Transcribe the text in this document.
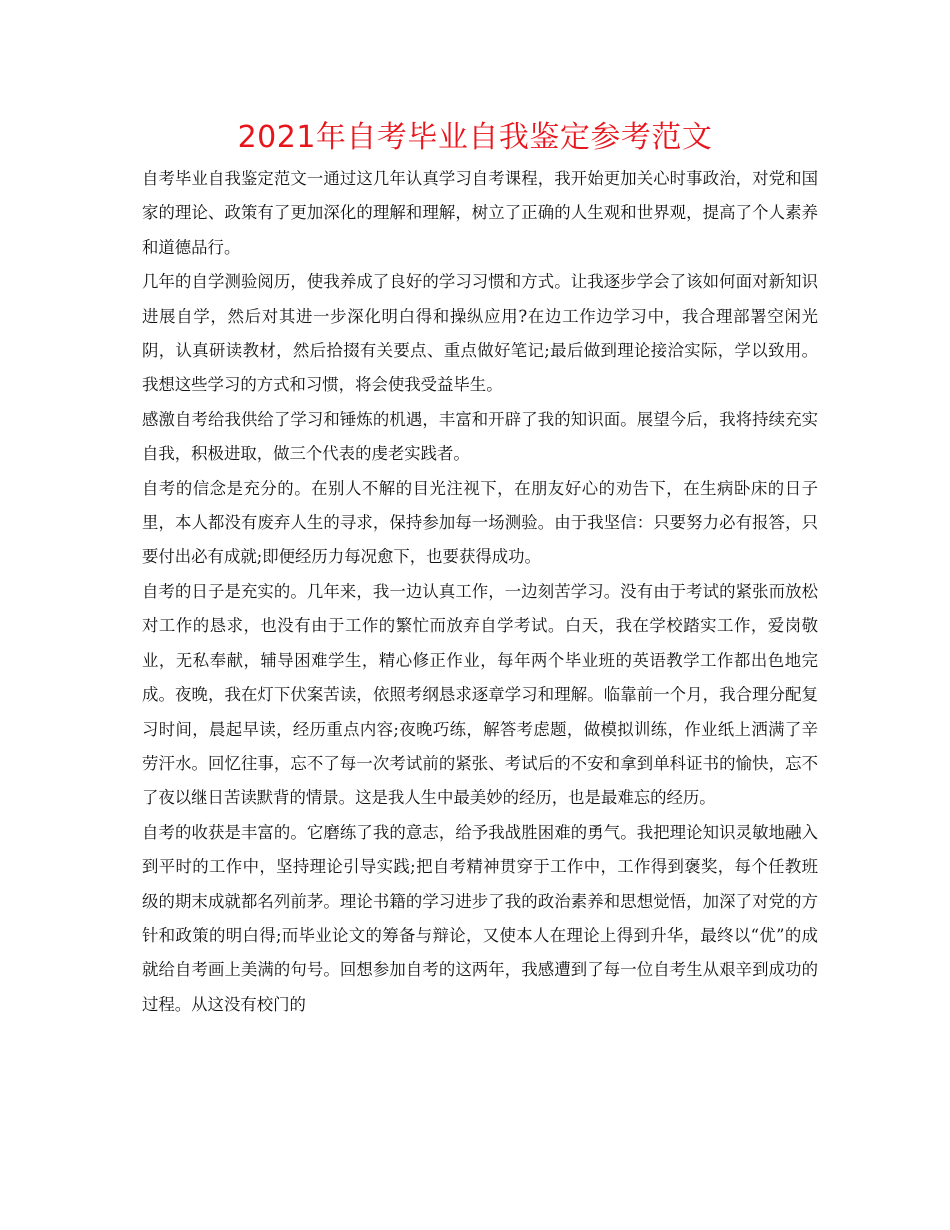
2021年自考毕业自我鉴定参考范文

自考毕业自我鉴定范文一通过这几年认真学习自考课程，我开始更加关心时事政治，对党和国家的理论、政策有了更加深化的理解和理解，树立了正确的人生观和世界观，提高了个人素养和道德品行。

几年的自学测验阅历，使我养成了良好的学习习惯和方式。让我逐步学会了该如何面对新知识进展自学，然后对其进一步深化明白得和操纵应用?在边工作边学习中，我合理部署空闲光阴，认真研读教材，然后拾掇有关要点、重点做好笔记;最后做到理论接洽实际，学以致用。我想这些学习的方式和习惯，将会使我受益毕生。

感激自考给我供给了学习和锤炼的机遇，丰富和开辟了我的知识面。展望今后，我将持续充实自我，积极进取，做三个代表的虔老实践者。

自考的信念是充分的。在别人不解的目光注视下，在朋友好心的劝告下，在生病卧床的日子里，本人都没有废弃人生的寻求，保持参加每一场测验。由于我坚信：只要努力必有报答，只要付出必有成就;即便经历力每况愈下，也要获得成功。

自考的日子是充实的。几年来，我一边认真工作，一边刻苦学习。没有由于考试的紧张而放松对工作的恳求，也没有由于工作的繁忙而放弃自学考试。白天，我在学校踏实工作，爱岗敬业，无私奉献，辅导困难学生，精心修正作业，每年两个毕业班的英语教学工作都出色地完成。夜晚，我在灯下伏案苦读，依照考纲恳求逐章学习和理解。临靠前一个月，我合理分配复习时间，晨起早读，经历重点内容;夜晚巧练，解答考虑题，做模拟训练，作业纸上洒满了辛劳汗水。回忆往事，忘不了每一次考试前的紧张、考试后的不安和拿到单科证书的愉快，忘不了夜以继日苦读默背的情景。这是我人生中最美妙的经历，也是最难忘的经历。

自考的收获是丰富的。它磨练了我的意志，给予我战胜困难的勇气。我把理论知识灵敏地融入到平时的工作中，坚持理论引导实践;把自考精神贯穿于工作中，工作得到褒奖，每个任教班级的期末成就都名列前茅。理论书籍的学习进步了我的政治素养和思想觉悟，加深了对党的方针和政策的明白得;而毕业论文的筹备与辩论，又使本人在理论上得到升华，最终以“优”的成就给自考画上美满的句号。回想参加自考的这两年，我感遭到了每一位自考生从艰辛到成功的过程。从这没有校门的
